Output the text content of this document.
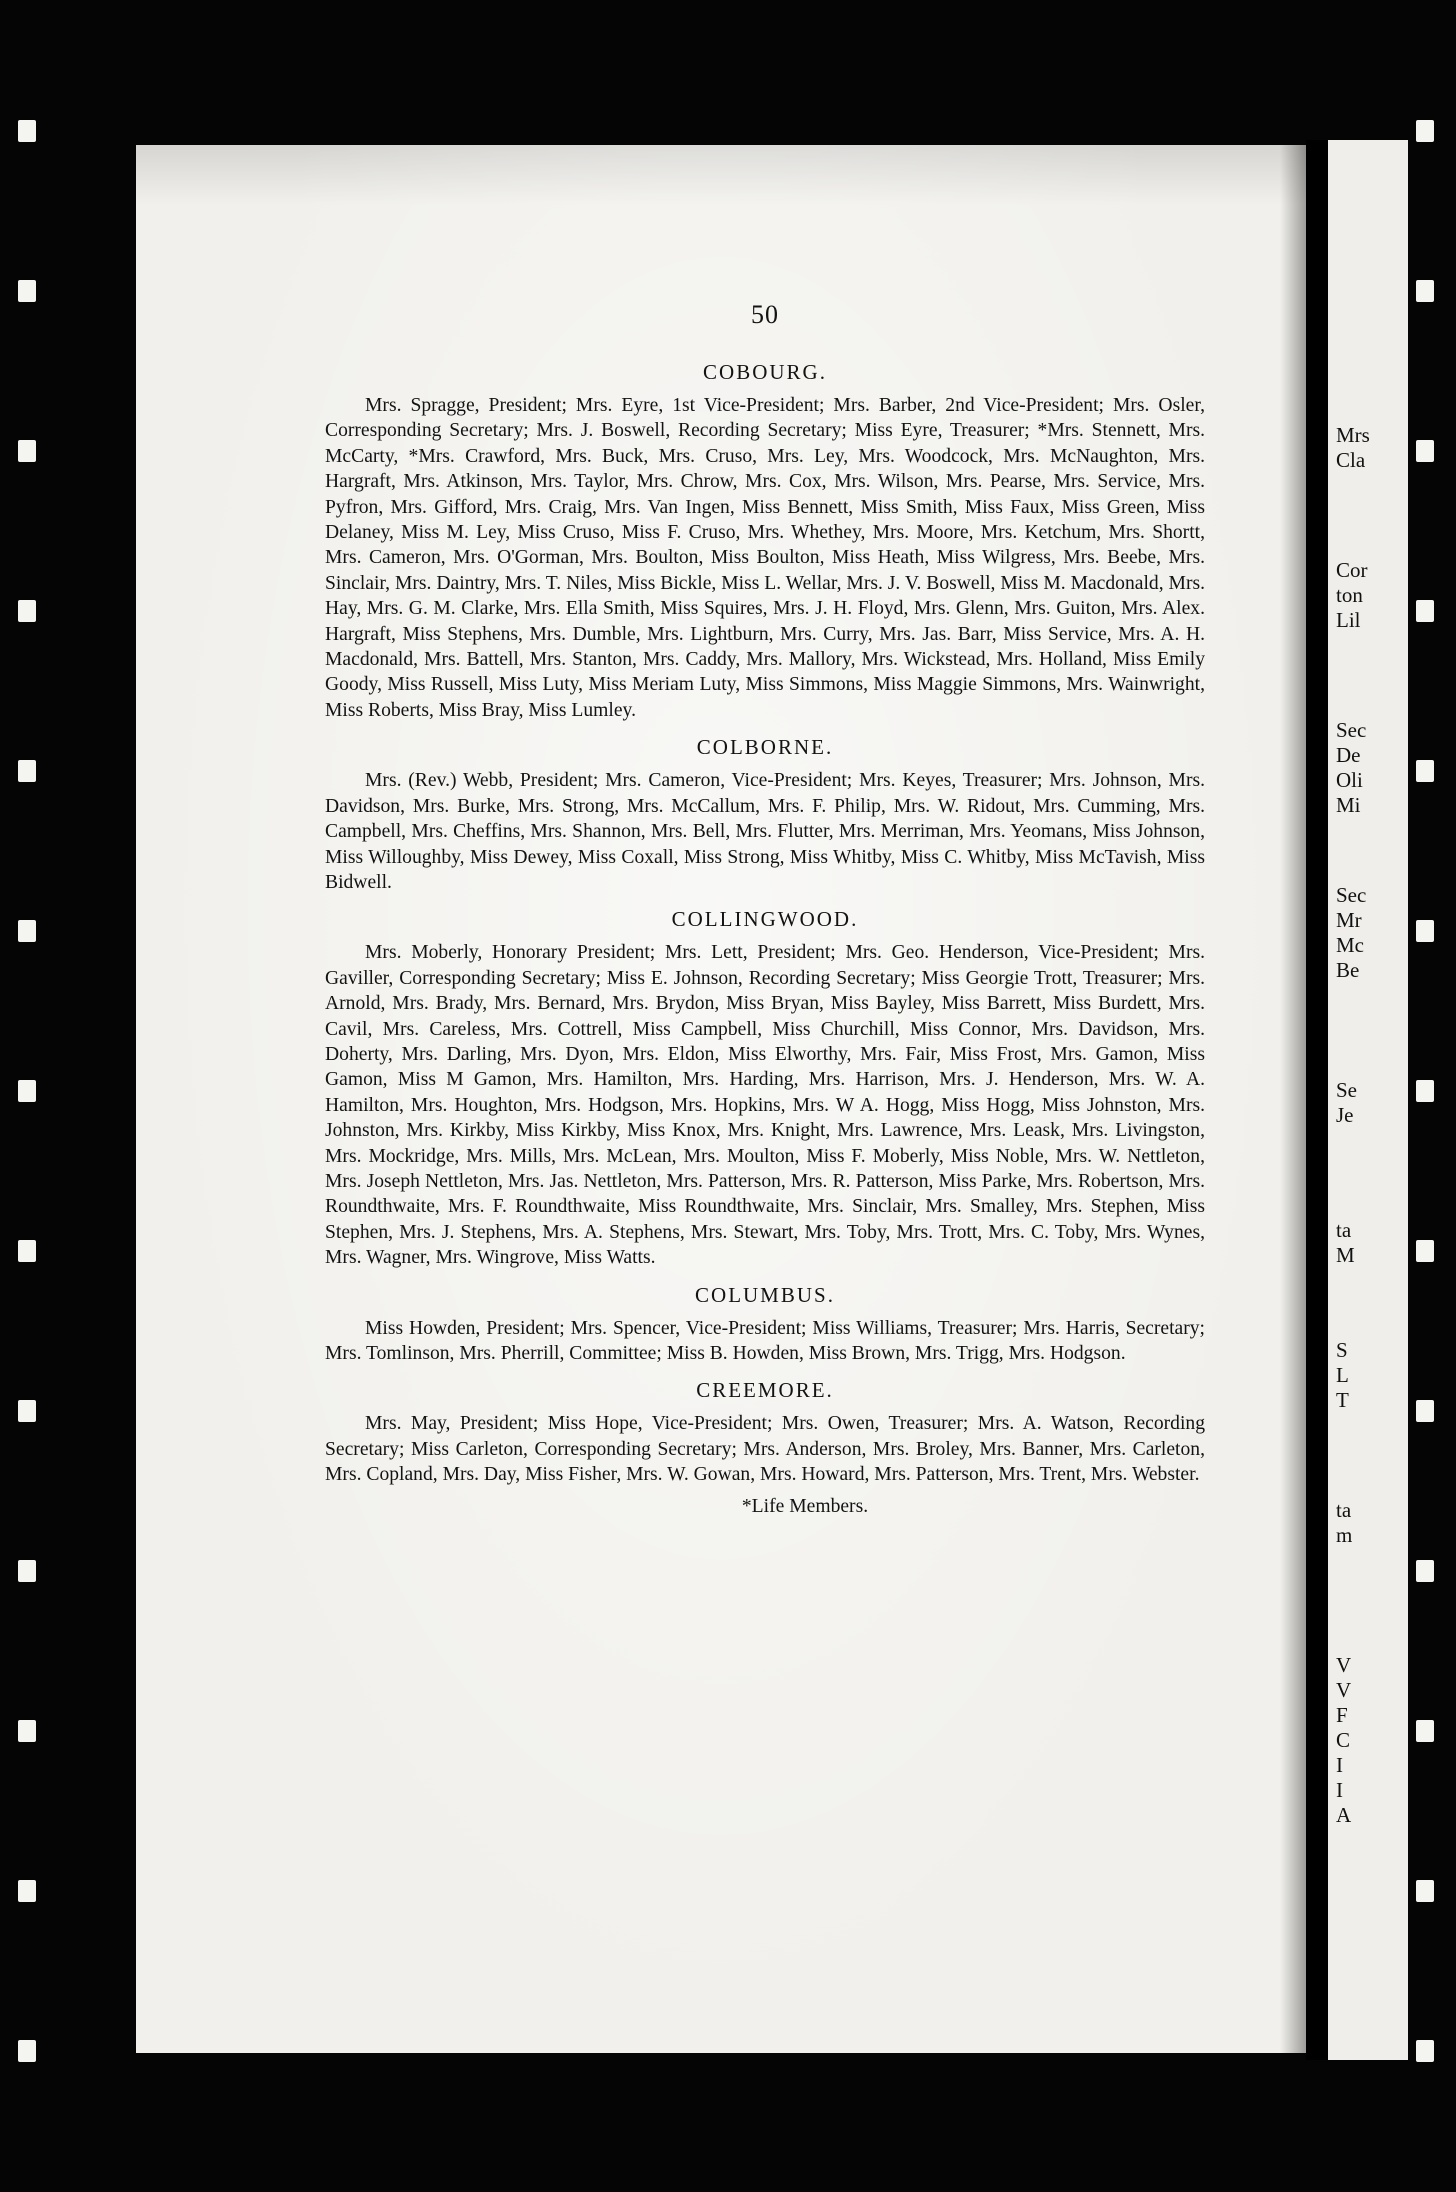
Mrs
Cla
Cor
ton
Lil
Sec
De
Oli
Mi
Sec
Mr
Mc
Be
Se
Je
ta
M
S
L
T
ta
m
V
V
F
C
I
I
A
50
COBOURG.

Mrs. Spragge, President; Mrs. Eyre, 1st Vice-President; Mrs. Barber, 2nd Vice-President; Mrs. Osler, Corresponding Secretary; Mrs. J. Boswell, Recording Secretary; Miss Eyre, Treasurer; *Mrs. Stennett, Mrs. McCarty, *Mrs. Crawford, Mrs. Buck, Mrs. Cruso, Mrs. Ley, Mrs. Woodcock, Mrs. McNaughton, Mrs. Hargraft, Mrs. Atkinson, Mrs. Taylor, Mrs. Chrow, Mrs. Cox, Mrs. Wilson, Mrs. Pearse, Mrs. Service, Mrs. Pyfron, Mrs. Gifford, Mrs. Craig, Mrs. Van Ingen, Miss Bennett, Miss Smith, Miss Faux, Miss Green, Miss Delaney, Miss M. Ley, Miss Cruso, Miss F. Cruso, Mrs. Whethey, Mrs. Moore, Mrs. Ketchum, Mrs. Shortt, Mrs. Cameron, Mrs. O'Gorman, Mrs. Boulton, Miss Boulton, Miss Heath, Miss Wilgress, Mrs. Beebe, Mrs. Sinclair, Mrs. Daintry, Mrs. T. Niles, Miss Bickle, Miss L. Wellar, Mrs. J. V. Boswell, Miss M. Macdonald, Mrs. Hay, Mrs. G. M. Clarke, Mrs. Ella Smith, Miss Squires, Mrs. J. H. Floyd, Mrs. Glenn, Mrs. Guiton, Mrs. Alex. Hargraft, Miss Stephens, Mrs. Dumble, Mrs. Lightburn, Mrs. Curry, Mrs. Jas. Barr, Miss Service, Mrs. A. H. Macdonald, Mrs. Battell, Mrs. Stanton, Mrs. Caddy, Mrs. Mallory, Mrs. Wickstead, Mrs. Holland, Miss Emily Goody, Miss Russell, Miss Luty, Miss Meriam Luty, Miss Simmons, Miss Maggie Simmons, Mrs. Wainwright, Miss Roberts, Miss Bray, Miss Lumley.

COLBORNE.

Mrs. (Rev.) Webb, President; Mrs. Cameron, Vice-President; Mrs. Keyes, Treasurer; Mrs. Johnson, Mrs. Davidson, Mrs. Burke, Mrs. Strong, Mrs. McCallum, Mrs. F. Philip, Mrs. W. Ridout, Mrs. Cumming, Mrs. Campbell, Mrs. Cheffins, Mrs. Shannon, Mrs. Bell, Mrs. Flutter, Mrs. Merriman, Mrs. Yeomans, Miss Johnson, Miss Willoughby, Miss Dewey, Miss Coxall, Miss Strong, Miss Whitby, Miss C. Whitby, Miss McTavish, Miss Bidwell.

COLLINGWOOD.

Mrs. Moberly, Honorary President; Mrs. Lett, President; Mrs. Geo. Henderson, Vice-President; Mrs. Gaviller, Corresponding Secretary; Miss E. Johnson, Recording Secretary; Miss Georgie Trott, Treasurer; Mrs. Arnold, Mrs. Brady, Mrs. Bernard, Mrs. Brydon, Miss Bryan, Miss Bayley, Miss Barrett, Miss Burdett, Mrs. Cavil, Mrs. Careless, Mrs. Cottrell, Miss Campbell, Miss Churchill, Miss Connor, Mrs. Davidson, Mrs. Doherty, Mrs. Darling, Mrs. Dyon, Mrs. Eldon, Miss Elworthy, Mrs. Fair, Miss Frost, Mrs. Gamon, Miss Gamon, Miss M Gamon, Mrs. Hamilton, Mrs. Harding, Mrs. Harrison, Mrs. J. Henderson, Mrs. W. A. Hamilton, Mrs. Houghton, Mrs. Hodgson, Mrs. Hopkins, Mrs. W A. Hogg, Miss Hogg, Miss Johnston, Mrs. Johnston, Mrs. Kirkby, Miss Kirkby, Miss Knox, Mrs. Knight, Mrs. Lawrence, Mrs. Leask, Mrs. Livingston, Mrs. Mockridge, Mrs. Mills, Mrs. McLean, Mrs. Moulton, Miss F. Moberly, Miss Noble, Mrs. W. Nettleton, Mrs. Joseph Nettleton, Mrs. Jas. Nettleton, Mrs. Patterson, Mrs. R. Patterson, Miss Parke, Mrs. Robertson, Mrs. Roundthwaite, Mrs. F. Roundthwaite, Miss Roundthwaite, Mrs. Sinclair, Mrs. Smalley, Mrs. Stephen, Miss Stephen, Mrs. J. Stephens, Mrs. A. Stephens, Mrs. Stewart, Mrs. Toby, Mrs. Trott, Mrs. C. Toby, Mrs. Wynes, Mrs. Wagner, Mrs. Wingrove, Miss Watts.

COLUMBUS.

Miss Howden, President; Mrs. Spencer, Vice-President; Miss Williams, Treasurer; Mrs. Harris, Secretary; Mrs. Tomlinson, Mrs. Pherrill, Committee; Miss B. Howden, Miss Brown, Mrs. Trigg, Mrs. Hodgson.

CREEMORE.

Mrs. May, President; Miss Hope, Vice-President; Mrs. Owen, Treasurer; Mrs. A. Watson, Recording Secretary; Miss Carleton, Corresponding Secretary; Mrs. Anderson, Mrs. Broley, Mrs. Banner, Mrs. Carleton, Mrs. Copland, Mrs. Day, Miss Fisher, Mrs. W. Gowan, Mrs. Howard, Mrs. Patterson, Mrs. Trent, Mrs. Webster.

*Life Members.
